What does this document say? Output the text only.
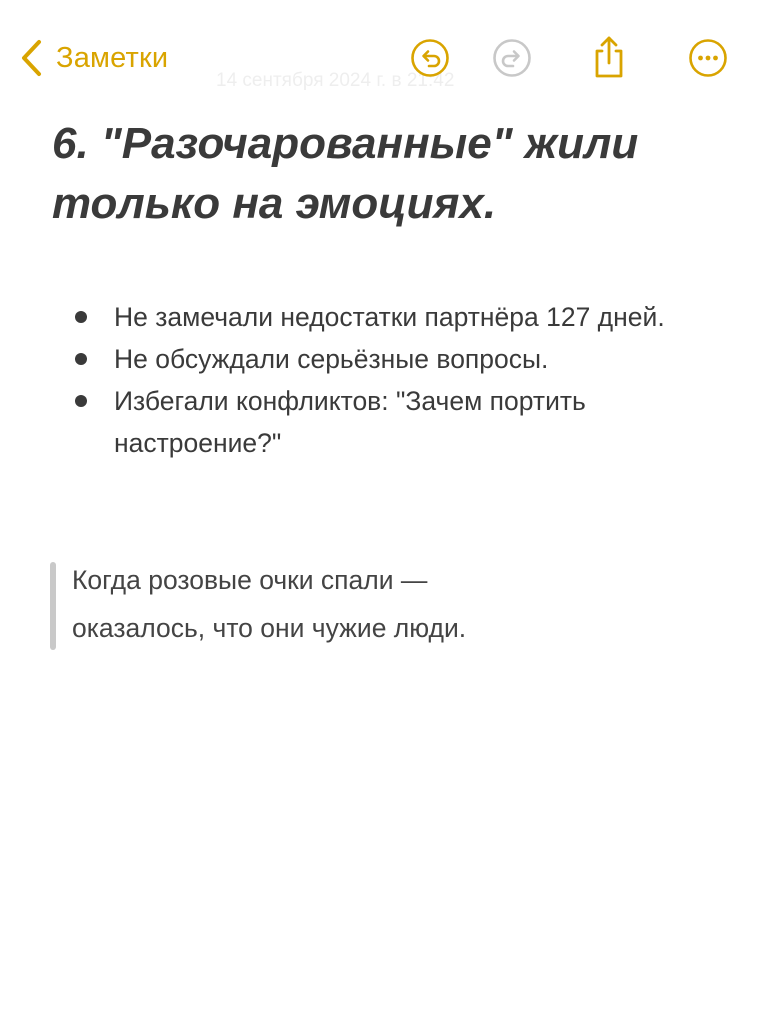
Заметки
14 сентября 2024 г. в 21:42
6. "Разочарованные" жили только на эмоциях.
Не замечали недостатки партнёра 127 дней.
Не обсуждали серьёзные вопросы.
Избегали конфликтов: "Зачем портить настроение?"

Когда розовые очки спали — оказалось, что они чужие люди.
